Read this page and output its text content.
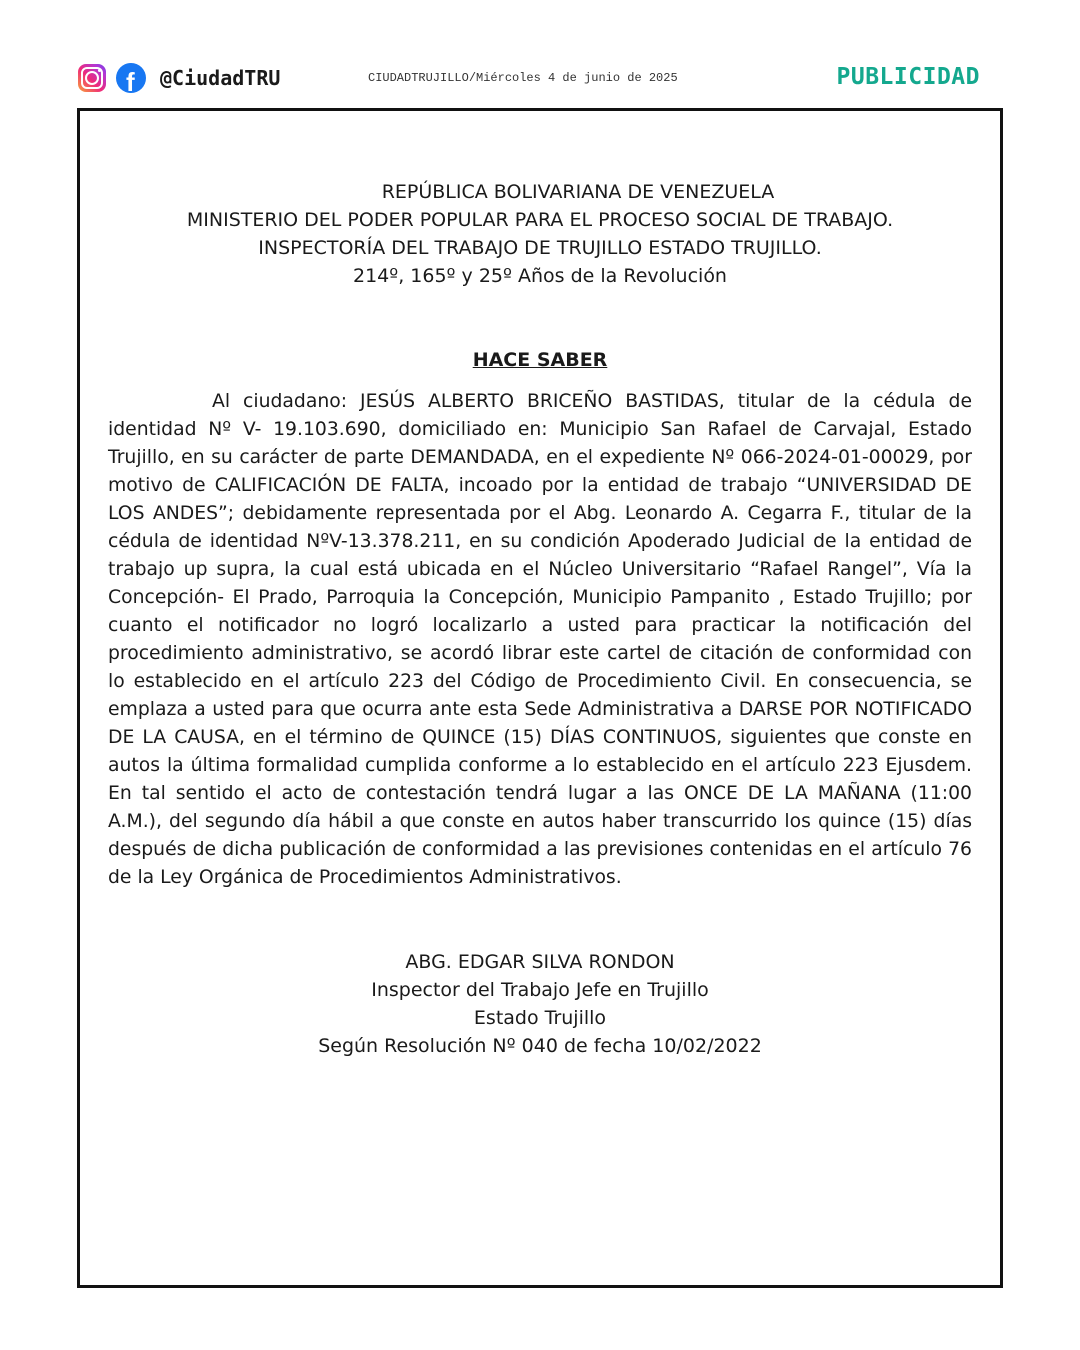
f @CiudadTRU	CIUDADTRUJILLO/Miércoles 4 de junio de 2025	PUBLICIDAD
REPÚBLICA BOLIVARIANA DE VENEZUELA
MINISTERIO DEL PODER POPULAR PARA EL PROCESO SOCIAL DE TRABAJO.
INSPECTORÍA DEL TRABAJO DE TRUJILLO ESTADO TRUJILLO.
214º, 165º y 25º Años de la Revolución
HACE SABER
Al ciudadano: JESÚS ALBERTO BRICEÑO BASTIDAS, titular de la cédula de identidad Nº V- 19.103.690, domiciliado en: Municipio San Rafael de Carvajal, Estado Trujillo, en su carácter de parte DEMANDADA, en el expediente Nº 066-2024-01-00029, por motivo de CALIFICACIÓN DE FALTA, incoado por la entidad de trabajo “UNIVERSIDAD DE LOS ANDES”; debidamente representada por el Abg. Leonardo A. Cegarra F., titular de la cédula de identidad NºV-13.378.211, en su condición Apoderado Judicial de la entidad de trabajo up supra, la cual está ubicada en el Núcleo Universitario “Rafael Rangel”, Vía la Concepción- El Prado, Parroquia la Concepción, Municipio Pampanito , Estado Trujillo; por cuanto el notificador no logró localizarlo a usted para practicar la notificación del procedimiento administrativo, se acordó librar este cartel de citación de conformidad con lo establecido en el artículo 223 del Código de Procedimiento Civil. En consecuencia, se emplaza a usted para que ocurra ante esta Sede Administrativa a DARSE POR NOTIFICADO DE LA CAUSA, en el término de QUINCE (15) DÍAS CONTINUOS, siguientes que conste en autos la última formalidad cumplida conforme a lo establecido en el artículo 223 Ejusdem. En tal sentido el acto de contestación tendrá lugar a las ONCE DE LA MAÑANA (11:00 A.M.), del segundo día hábil a que conste en autos haber transcurrido los quince (15) días después de dicha publicación de conformidad a las previsiones contenidas en el artículo 76 de la Ley Orgánica de Procedimientos Administrativos.
ABG. EDGAR SILVA RONDON
Inspector del Trabajo Jefe en Trujillo
Estado Trujillo
Según Resolución Nº 040 de fecha 10/02/2022
